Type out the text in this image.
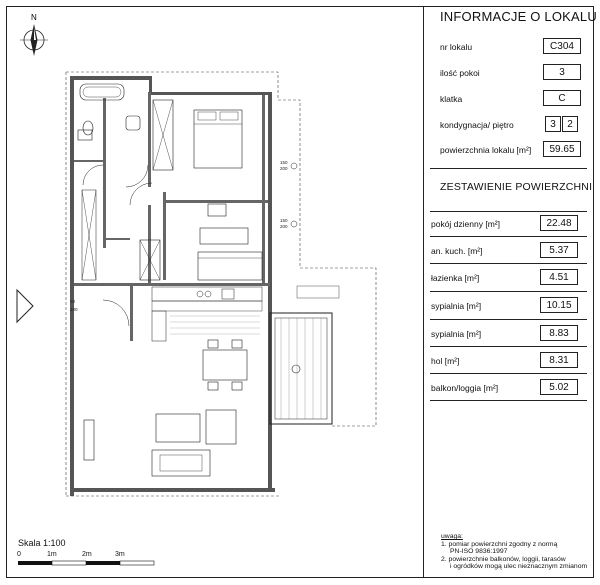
N
150
200
150
200
80
200
Skala 1:100
0	1m	2m	3m
INFORMACJE O LOKALU
nr lokalu	C304
ilość pokoi	3
klatka	C
kondygnacja/ piętro	3	2
powierzchnia lokalu [m²]	59.65
ZESTAWIENIE POWIERZCHNI
pokój dzienny [m²]	22.48
an. kuch. [m²]	5.37
łazienka [m²]	4.51
sypialnia [m²]	10.15
sypialnia [m²]	8.83
hol [m²]	8.31
balkon/loggia [m²]	5.02
uwaga:
1. pomiar powierzchni zgodny z normą
PN-ISO 9836:1997
2. powierzchnie balkonów, loggii, tarasów
i ogródków mogą ulec nieznacznym zmianom
